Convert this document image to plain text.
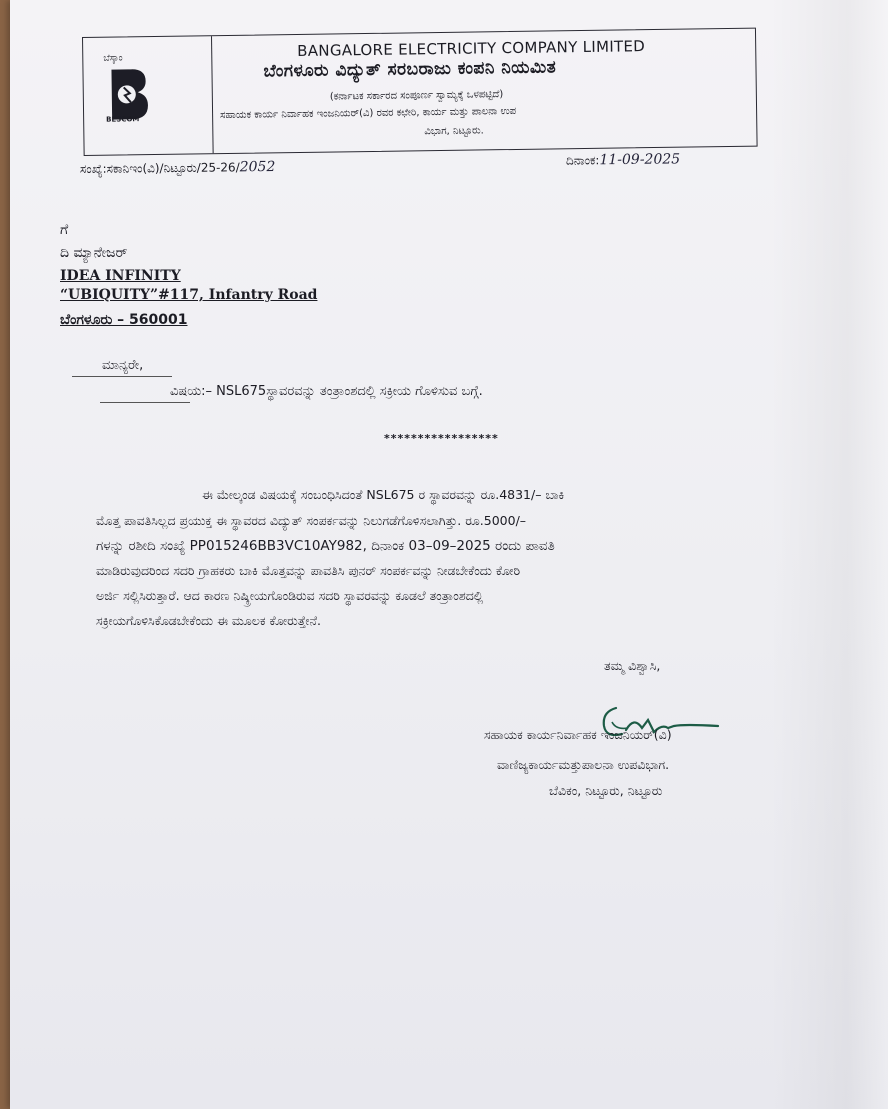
ಬೆಸ್ಕಾಂ
BESCOM
BANGALORE ELECTRICITY COMPANY LIMITED
ಬೆಂಗಳೂರು ವಿದ್ಯುತ್ ಸರಬರಾಜು ಕಂಪನಿ ನಿಯಮಿತ
(ಕರ್ನಾಟಕ ಸರ್ಕಾರದ ಸಂಪೂರ್ಣ ಸ್ವಾಮ್ಯಕ್ಕೆ ಒಳಪಟ್ಟಿದೆ)
ಸಹಾಯಕ ಕಾರ್ಯ ನಿರ್ವಾಹಕ ಇಂಜನಿಯರ್(ವಿ) ರವರ ಕಛೇರಿ, ಕಾರ್ಯ ಮತ್ತು ಪಾಲನಾ ಉಪ
ವಿಭಾಗ, ನಿಟ್ಟೂರು.
ಸಂಖ್ಯೆ:ಸಕಾನಿಇಂ(ವಿ)/ನಿಟ್ಟೂರು/25-26/2052	ದಿನಾಂಕ:11-09-2025
ಗೆ
ದಿ ಮ್ಯಾನೇಜರ್
IDEA INFINITY
“UBIQUITY”#117, Infantry Road
ಬೆಂಗಳೂರು – 560001
ಮಾನ್ಯರೇ,
ವಿಷಯ:– NSL675ಸ್ಥಾವರವನ್ನು ತಂತ್ರಾಂಶದಲ್ಲಿ ಸಕ್ರೀಯ ಗೊಳಿಸುವ ಬಗ್ಗೆ.
*****************
ಈ ಮೇಲ್ಕಂಡ ವಿಷಯಕ್ಕೆ ಸಂಬಂಧಿಸಿದಂತೆ NSL675 ರ ಸ್ಥಾವರವನ್ನು ರೂ.4831/– ಬಾಕಿ
ಮೊತ್ತ ಪಾವತಿಸಿಲ್ಲದ ಪ್ರಯುಕ್ತ ಈ ಸ್ಥಾವರದ ವಿದ್ಯುತ್ ಸಂಪರ್ಕವನ್ನು ನಿಲುಗಡೆಗೊಳಿಸಲಾಗಿತ್ತು. ರೂ.5000/–
ಗಳನ್ನು ರಶೀದಿ ಸಂಖ್ಯೆ PP015246BB3VC10AY982, ದಿನಾಂಕ 03–09–2025 ರಂದು ಪಾವತಿ
ಮಾಡಿರುವುದರಿಂದ ಸದರಿ ಗ್ರಾಹಕರು ಬಾಕಿ ಮೊತ್ತವನ್ನು ಪಾವತಿಸಿ ಪುನರ್ ಸಂಪರ್ಕವನ್ನು ನೀಡಬೇಕೆಂದು ಕೋರಿ
ಅರ್ಜಿ ಸಲ್ಲಿಸಿರುತ್ತಾರೆ. ಆದ ಕಾರಣ ನಿಷ್ಕ್ರೀಯಗೊಂಡಿರುವ ಸದರಿ ಸ್ಥಾವರವನ್ನು ಕೂಡಲೆ ತಂತ್ರಾಂಶದಲ್ಲಿ
ಸಕ್ರೀಯಗೊಳಿಸಿಕೊಡಬೇಕೆಂದು ಈ ಮೂಲಕ ಕೋರುತ್ತೇನೆ.
ತಮ್ಮ ವಿಶ್ವಾಸಿ,
ಸಹಾಯಕ ಕಾರ್ಯನಿರ್ವಾಹಕ ಇಂಜನಿಯರ್(ವಿ)
ವಾಣಿಜ್ಯಕಾರ್ಯಮತ್ತುಪಾಲನಾ ಉಪವಿಭಾಗ.
ಬೆವಿಕಂ, ನಿಟ್ಟೂರು, ನಿಟ್ಟೂರು
